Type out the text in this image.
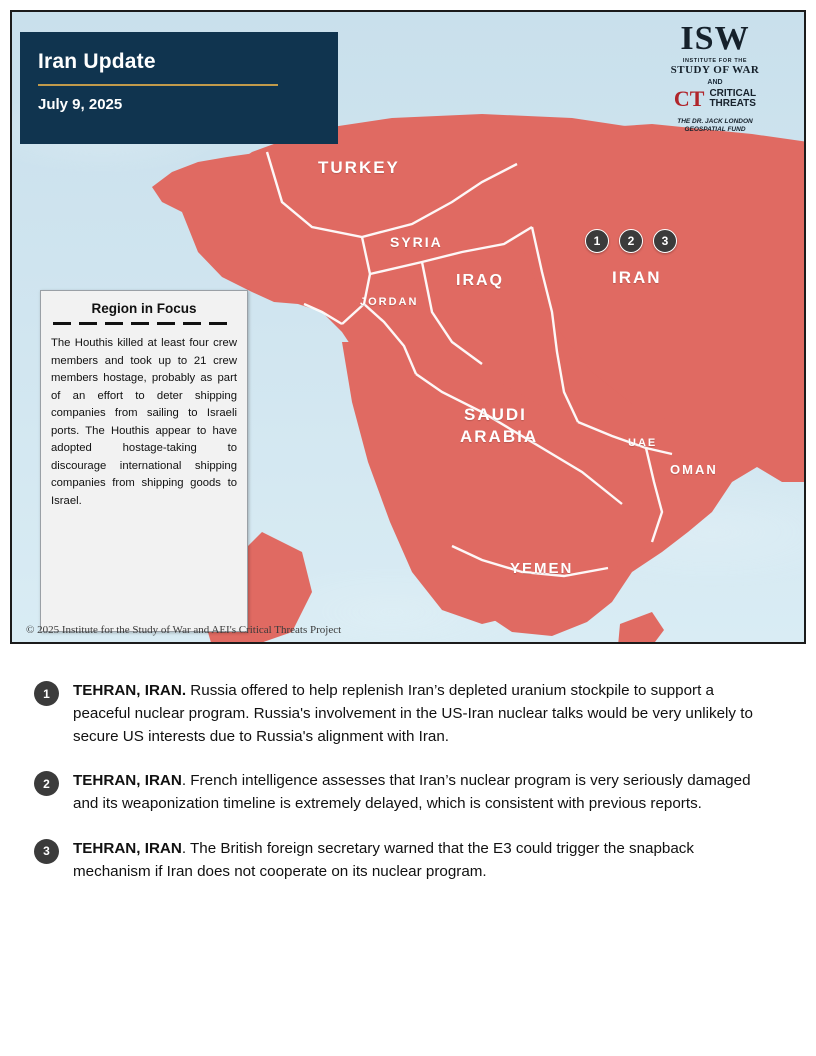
TURKEY
SYRIA
IRAQ
JORDAN
IRAN
SAUDI
ARABIA	UAE
OMAN
YEMEN
1 2 3
Iran Update
July 9, 2025
ISW
INSTITUTE FOR THE
STUDY OF WAR
AND
CT CRITICAL
THREATS
THE DR. JACK LONDON
GEOSPATIAL FUND
Region in Focus
The Houthis killed at least four crew members and took up to 21 crew members hostage, probably as part of an effort to deter shipping companies from sailing to Israeli ports. The Houthis appear to have adopted hostage-taking to discourage international shipping companies from shipping goods to Israel.
© 2025 Institute for the Study of War and AEI's Critical Threats Project
1	TEHRAN, IRAN. Russia offered to help replenish Iran’s depleted uranium stockpile to support a peaceful nuclear program. Russia's involvement in the US-Iran nuclear talks would be very unlikely to secure US interests due to Russia's alignment with Iran.
2	TEHRAN, IRAN. French intelligence assesses that Iran’s nuclear program is very seriously damaged and its weaponization timeline is extremely delayed, which is consistent with previous reports.
3	TEHRAN, IRAN. The British foreign secretary warned that the E3 could trigger the snapback mechanism if Iran does not cooperate on its nuclear program.
